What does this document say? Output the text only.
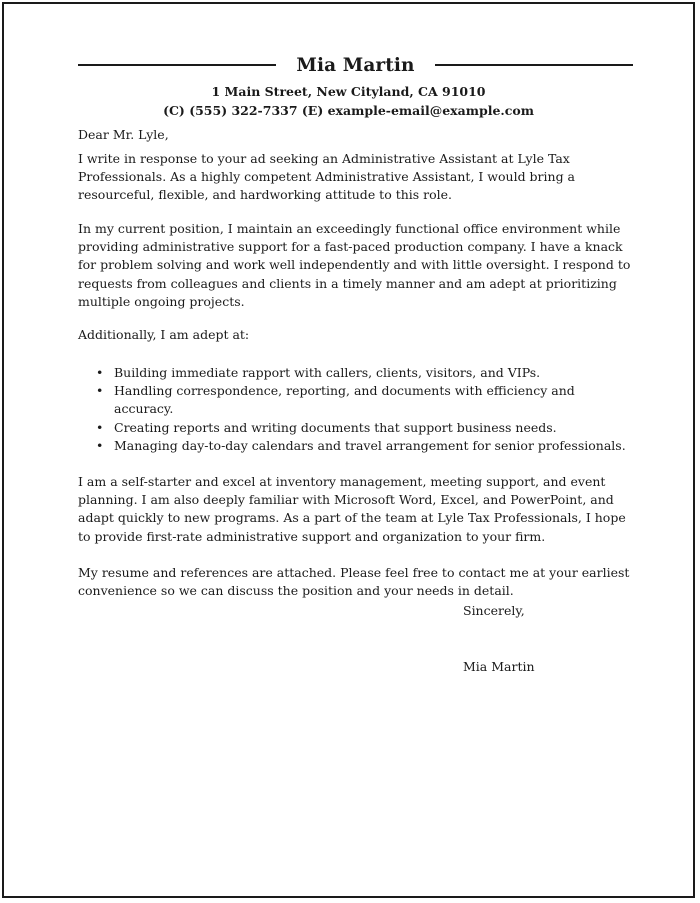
Mia Martin
1 Main Street, New Cityland, CA 91010
(C) (555) 322-7337 (E) example-email@example.com
Dear Mr. Lyle,
I write in response to your ad seeking an Administrative Assistant at Lyle Tax
Professionals. As a highly competent Administrative Assistant, I would bring a
resourceful, flexible, and hardworking attitude to this role.
In my current position, I maintain an exceedingly functional office environment while
providing administrative support for a fast-paced production company. I have a knack
for problem solving and work well independently and with little oversight. I respond to
requests from colleagues and clients in a timely manner and am adept at prioritizing
multiple ongoing projects.
Additionally, I am adept at:
• Building immediate rapport with callers, clients, visitors, and VIPs.
• Handling correspondence, reporting, and documents with efficiency and
accuracy.
• Creating reports and writing documents that support business needs.
• Managing day-to-day calendars and travel arrangement for senior professionals.
I am a self-starter and excel at inventory management, meeting support, and event
planning. I am also deeply familiar with Microsoft Word, Excel, and PowerPoint, and
adapt quickly to new programs. As a part of the team at Lyle Tax Professionals, I hope
to provide first-rate administrative support and organization to your firm.
My resume and references are attached. Please feel free to contact me at your earliest
convenience so we can discuss the position and your needs in detail.
Sincerely,
Mia Martin
